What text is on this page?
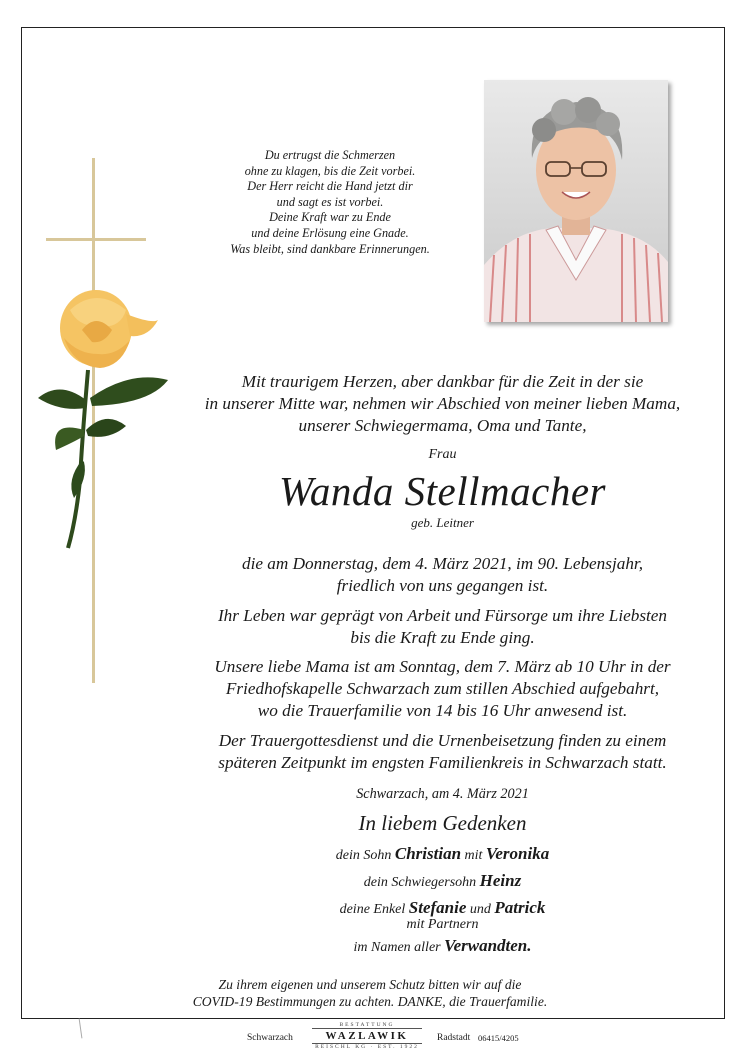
Du ertrugst die Schmerzen
ohne zu klagen, bis die Zeit vorbei.
Der Herr reicht die Hand jetzt dir
und sagt es ist vorbei.
Deine Kraft war zu Ende
und deine Erlösung eine Gnade.
Was bleibt, sind dankbare Erinnerungen.
Mit traurigem Herzen, aber dankbar für die Zeit in der sie
in unserer Mitte war, nehmen wir Abschied von meiner lieben Mama,
unserer Schwiegermama, Oma und Tante,
Frau
Wanda Stellmacher
geb. Leitner
die am Donnerstag, dem 4. März 2021, im 90. Lebensjahr,
friedlich von uns gegangen ist.
Ihr Leben war geprägt von Arbeit und Fürsorge um ihre Liebsten
bis die Kraft zu Ende ging.
Unsere liebe Mama ist am Sonntag, dem 7. März ab 10 Uhr in der
Friedhofskapelle Schwarzach zum stillen Abschied aufgebahrt,
wo die Trauerfamilie von 14 bis 16 Uhr anwesend ist.
Der Trauergottesdienst und die Urnenbeisetzung finden zu einem
späteren Zeitpunkt im engsten Familienkreis in Schwarzach statt.
Schwarzach, am 4. März 2021
In liebem Gedenken
dein Sohn Christian mit Veronika
dein Schwiegersohn Heinz
deine Enkel Stefanie und Patrick
mit Partnern
im Namen aller Verwandten.
Zu ihrem eigenen und unserem Schutz bitten wir auf die
COVID-19 Bestimmungen zu achten. DANKE, die Trauerfamilie.
Schwarzach
BESTATTUNG
WAZLAWIK
REISCHL KG · EST. 1922
Radstadt 06415/4205
